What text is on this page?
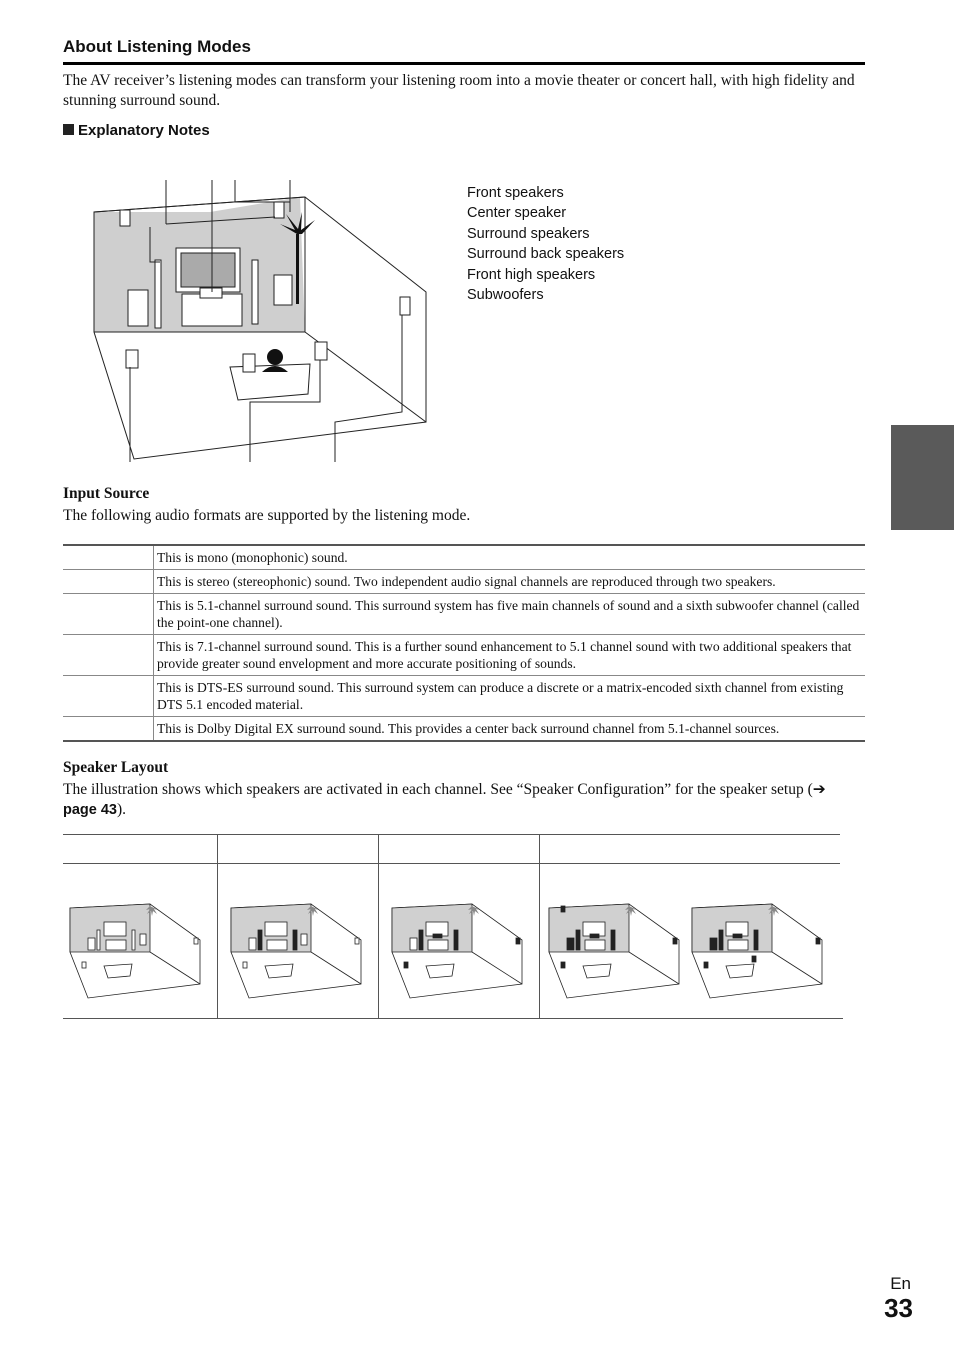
About Listening Modes
The AV receiver’s listening modes can transform your listening room into a movie theater or concert hall, with high fidelity and stunning surround sound.
Explanatory Notes
Front speakers
Center speaker
Surround speakers
Surround back speakers
Front high speakers
Subwoofers
Input Source
The following audio formats are supported by the listening mode.
	This is mono (monophonic) sound.
	This is stereo (stereophonic) sound. Two independent audio signal channels are reproduced through two speakers.
	This is 5.1-channel surround sound. This surround system has five main channels of sound and a sixth subwoofer channel (called the point-one channel).
	This is 7.1-channel surround sound. This is a further sound enhancement to 5.1 channel sound with two additional speakers that provide greater sound envelopment and more accurate positioning of sounds.
	This is DTS-ES surround sound. This surround system can produce a discrete or a matrix-encoded sixth channel from existing DTS 5.1 encoded material.
	This is Dolby Digital EX surround sound. This provides a center back surround channel from 5.1-channel sources.
Speaker Layout
The illustration shows which speakers are activated in each channel. See “Speaker Configuration” for the speaker setup (➔ page 43).
En
33
